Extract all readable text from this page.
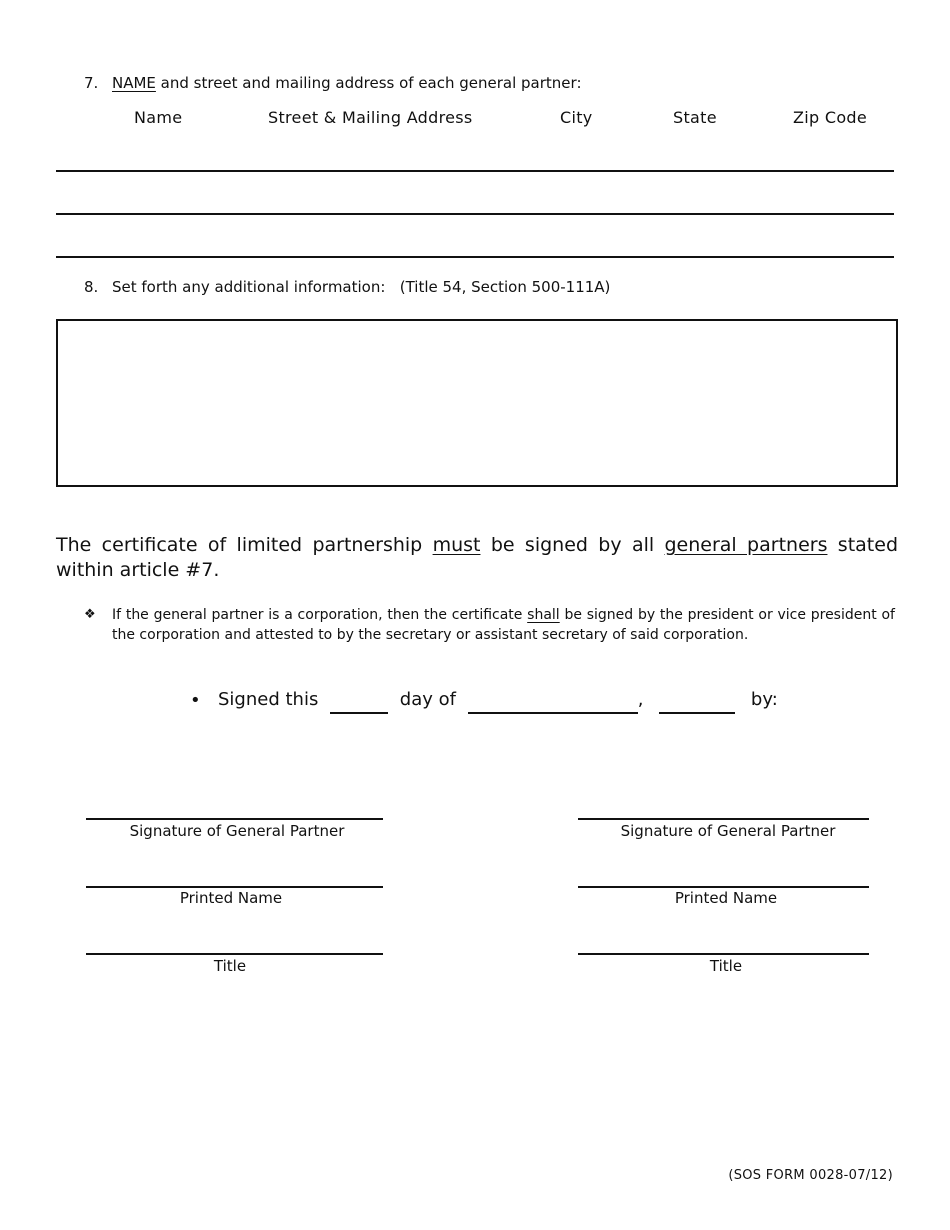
7. NAME and street and mailing address of each general partner:
Name	Street & Mailing Address	City	State	Zip Code
8. Set forth any additional information: (Title 54, Section 500-111A)
The certificate of limited partnership must be signed by all general partners stated within article #7.
❖ If the general partner is a corporation, then the certificate shall be signed by the president or vice president of the corporation and attested to by the secretary or assistant secretary of said corporation.
• Signed this	day of	,	by:
Signature of General Partner
Printed Name
Title
Signature of General Partner
Printed Name
Title
(SOS FORM 0028-07/12)
